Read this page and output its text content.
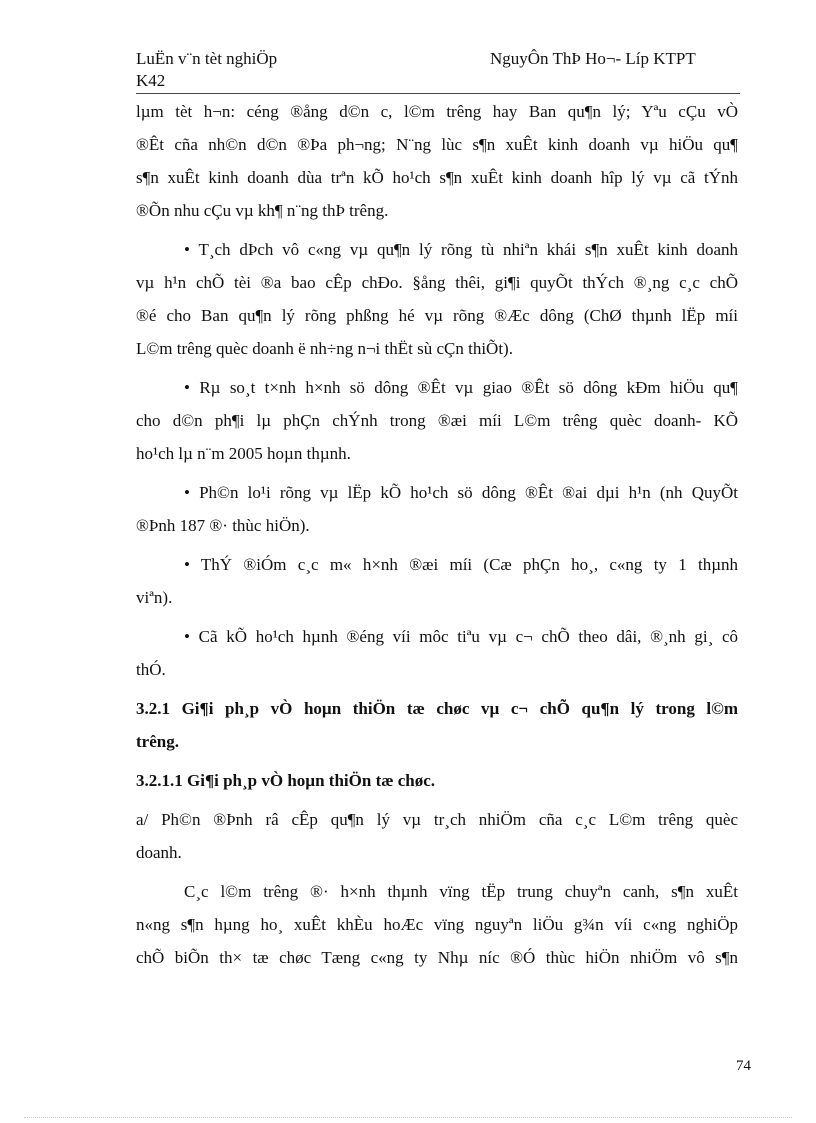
LuËn v¨n tèt nghiÖp
K42
NguyÔn ThÞ Ho¬- Líp KTPT
lµm tèt h¬n: céng ®ång d©n c, l©m trêng hay Ban qu¶n lý; Yªu cÇu vÒ
®Êt cña nh©n d©n ®Þa ph¬ng; N¨ng lùc s¶n xuÊt kinh doanh vµ hiÖu qu¶
s¶n xuÊt kinh doanh dùa trªn kÕ ho¹ch s¶n xuÊt kinh doanh hîp lý vµ cã tÝnh
®Õn nhu cÇu vµ kh¶ n¨ng thÞ trêng.
• T¸ch dÞch vô c«ng vµ qu¶n lý rõng tù nhiªn khái s¶n xuÊt kinh doanh
vµ h¹n chÕ tèi ®a bao cÊp chÐo. §ång thêi, gi¶i quyÕt thÝch ®¸ng c¸c chÕ
®é cho Ban qu¶n lý rõng phßng hé vµ rõng ®Æc dông (ChØ thµnh lËp míi
L©m trêng quèc doanh ë nh÷ng n¬i thËt sù cÇn thiÕt).
• Rµ so¸t t×nh h×nh sö dông ®Êt vµ giao ®Êt sö dông kÐm hiÖu qu¶
cho d©n ph¶i lµ phÇn chÝnh trong ®æi míi L©m trêng quèc doanh- KÕ
ho¹ch lµ n¨m 2005 hoµn thµnh.
• Ph©n lo¹i rõng vµ lËp kÕ ho¹ch sö dông ®Êt ®ai dµi h¹n (nh QuyÕt
®Þnh 187 ®· thùc hiÖn).
• ThÝ ®iÓm c¸c m« h×nh ®æi míi (Cæ phÇn ho¸, c«ng ty 1 thµnh
viªn).
• Cã kÕ ho¹ch hµnh ®éng víi môc tiªu vµ c¬ chÕ theo dâi, ®¸nh gi¸ cô
thÓ.
3.2.1 Gi¶i ph¸p vÒ hoµn thiÖn tæ chøc vµ c¬ chÕ qu¶n lý trong l©m
trêng.
3.2.1.1 Gi¶i ph¸p vÒ hoµn thiÖn tæ chøc.
a/ Ph©n ®Þnh râ cÊp qu¶n lý vµ tr¸ch nhiÖm cña c¸c L©m trêng quèc
doanh.
C¸c l©m trêng ®· h×nh thµnh vïng tËp trung chuyªn canh, s¶n xuÊt
n«ng s¶n hµng ho¸ xuÊt khÈu hoÆc vïng nguyªn liÖu g¾n víi c«ng nghiÖp
chÕ biÕn th× tæ chøc Tæng c«ng ty Nhµ níc ®Ó thùc hiÖn nhiÖm vô s¶n
74
